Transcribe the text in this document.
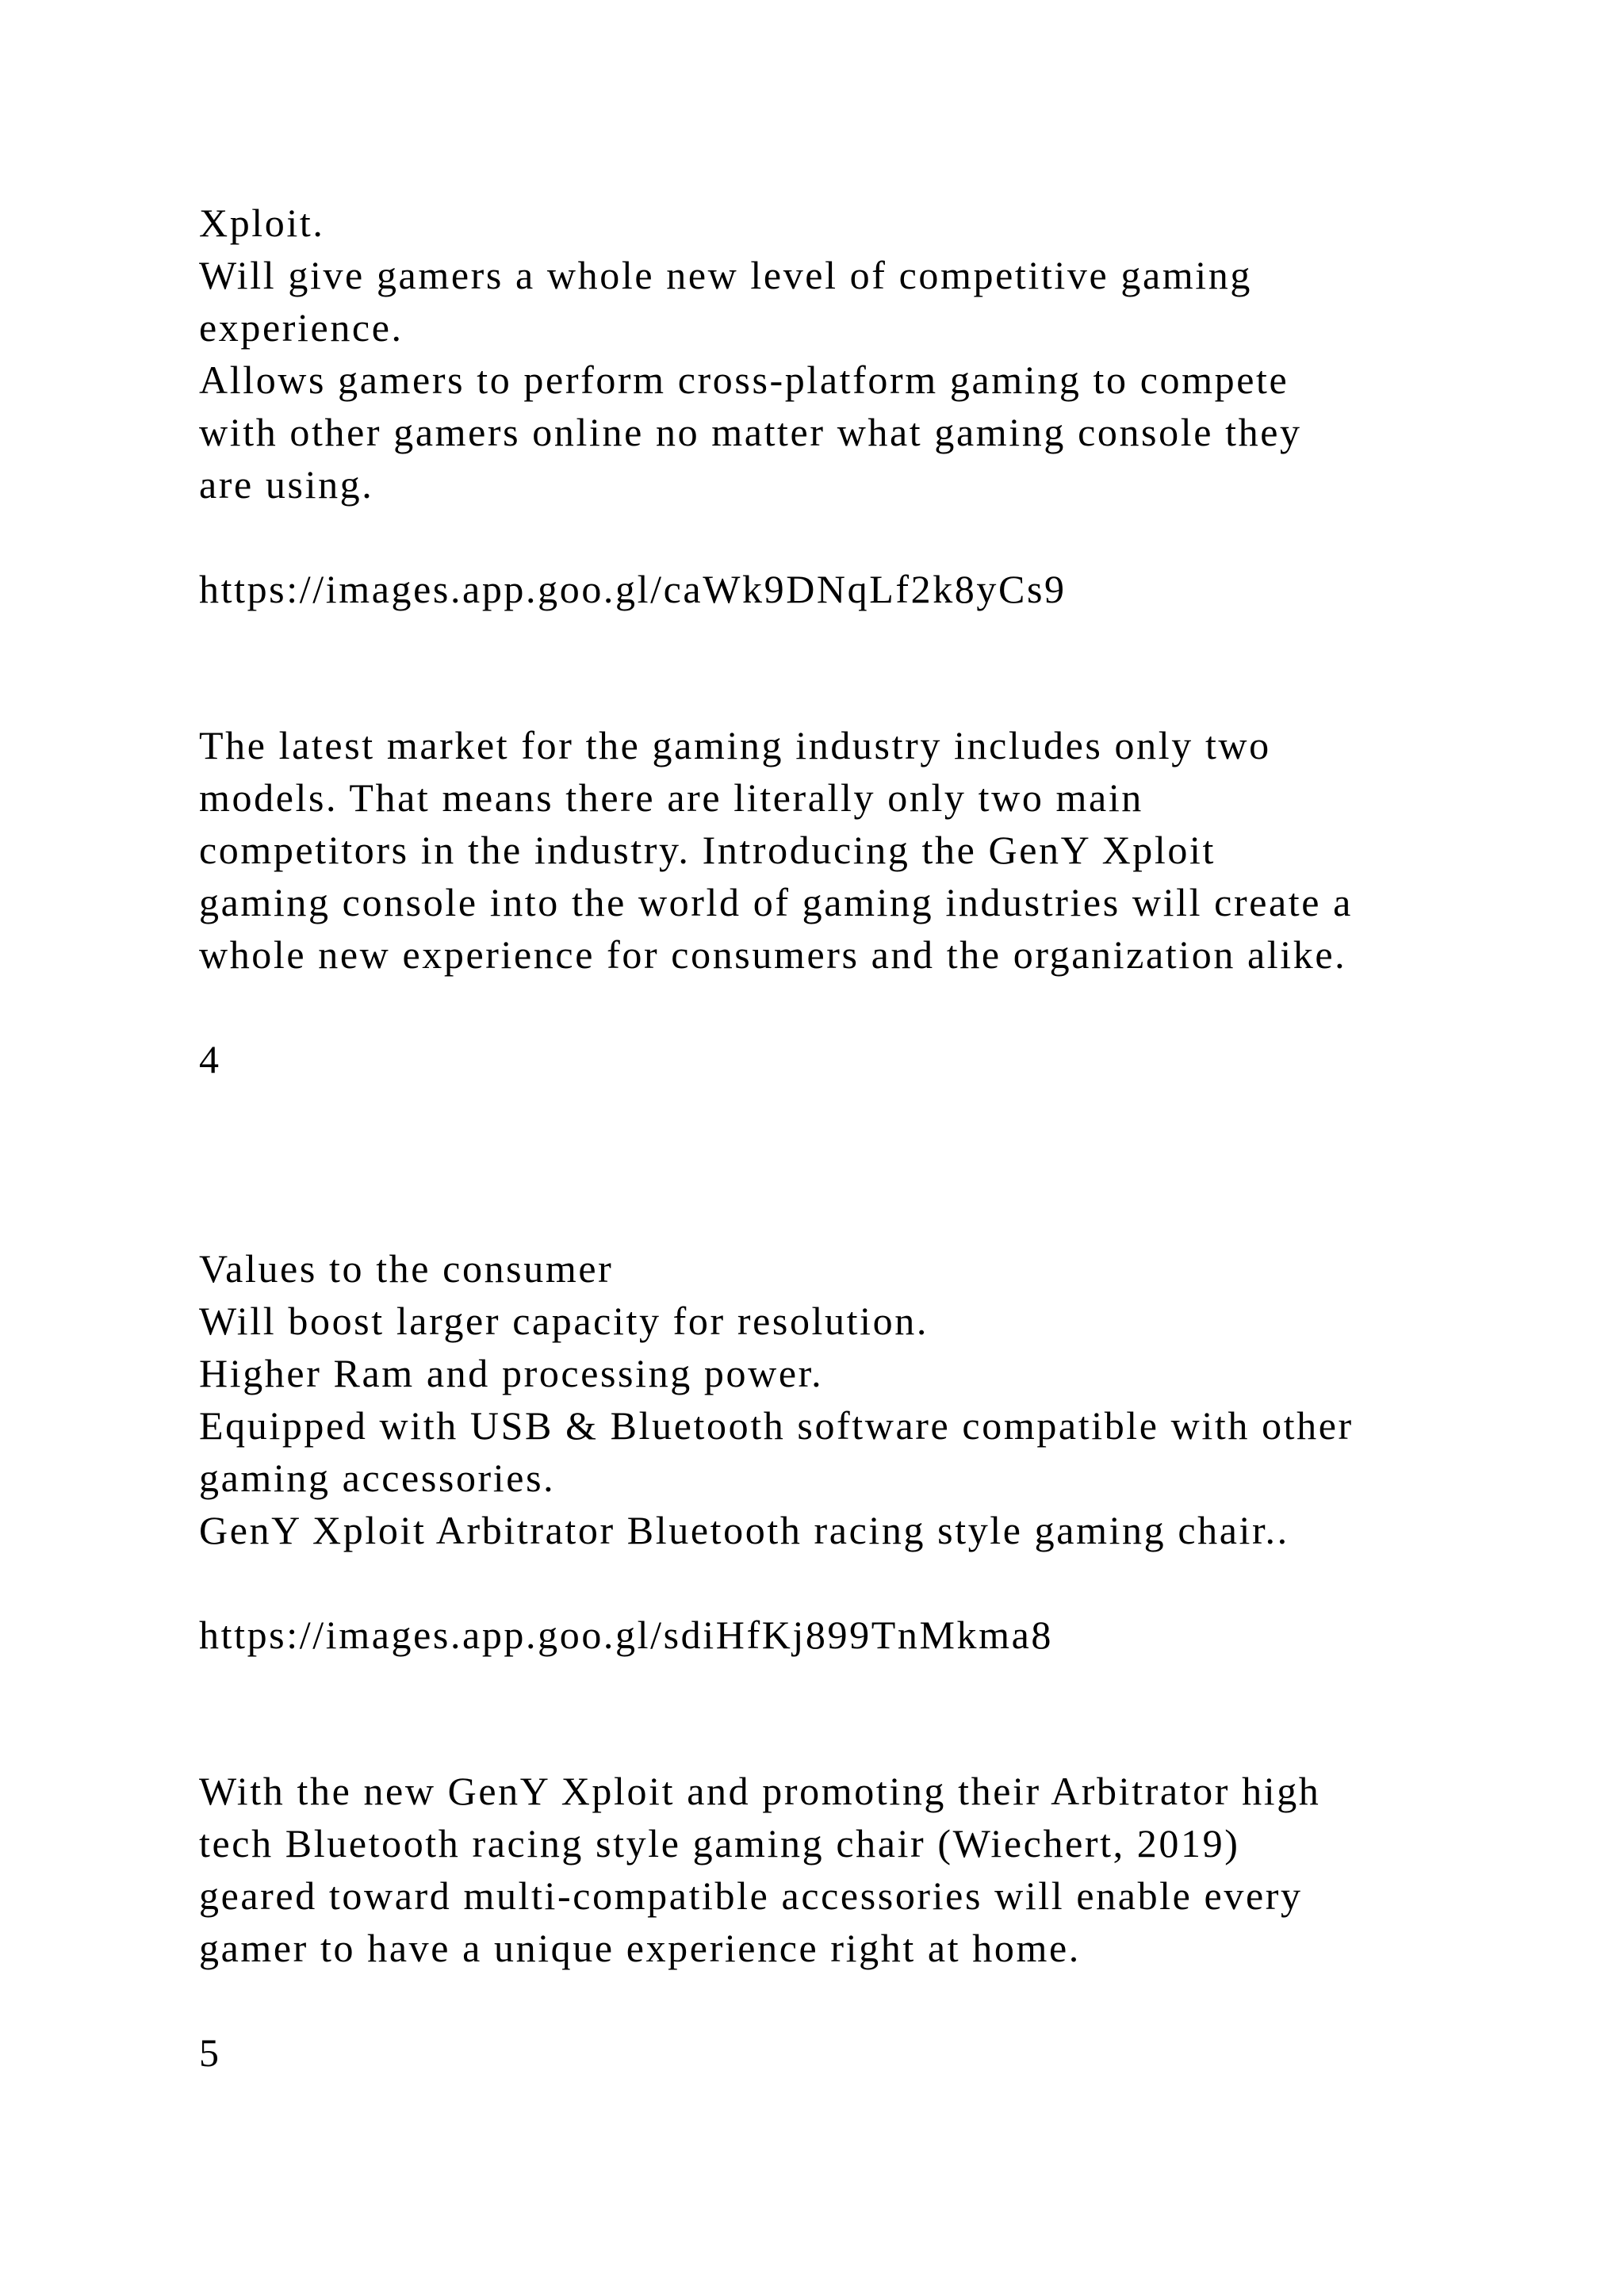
Xploit.

Will give gamers a whole new level of competitive gaming

experience.

Allows gamers to perform cross-platform gaming to compete

with other gamers online no matter what gaming console they

are using.

https://images.app.goo.gl/caWk9DNqLf2k8yCs9

The latest market for the gaming industry includes only two

models. That means there are literally only two main

competitors in the industry. Introducing the GenY Xploit

gaming console into the world of gaming industries will create a

whole new experience for consumers and the organization alike.

4

Values to the consumer

Will boost larger capacity for resolution.

Higher Ram and processing power.

Equipped with USB & Bluetooth software compatible with other

gaming accessories.

GenY Xploit Arbitrator Bluetooth racing style gaming chair..

https://images.app.goo.gl/sdiHfKj899TnMkma8

With the new GenY Xploit and promoting their Arbitrator high

tech Bluetooth racing style gaming chair (Wiechert, 2019)

geared toward multi-compatible accessories will enable every

gamer to have a unique experience right at home.

5
